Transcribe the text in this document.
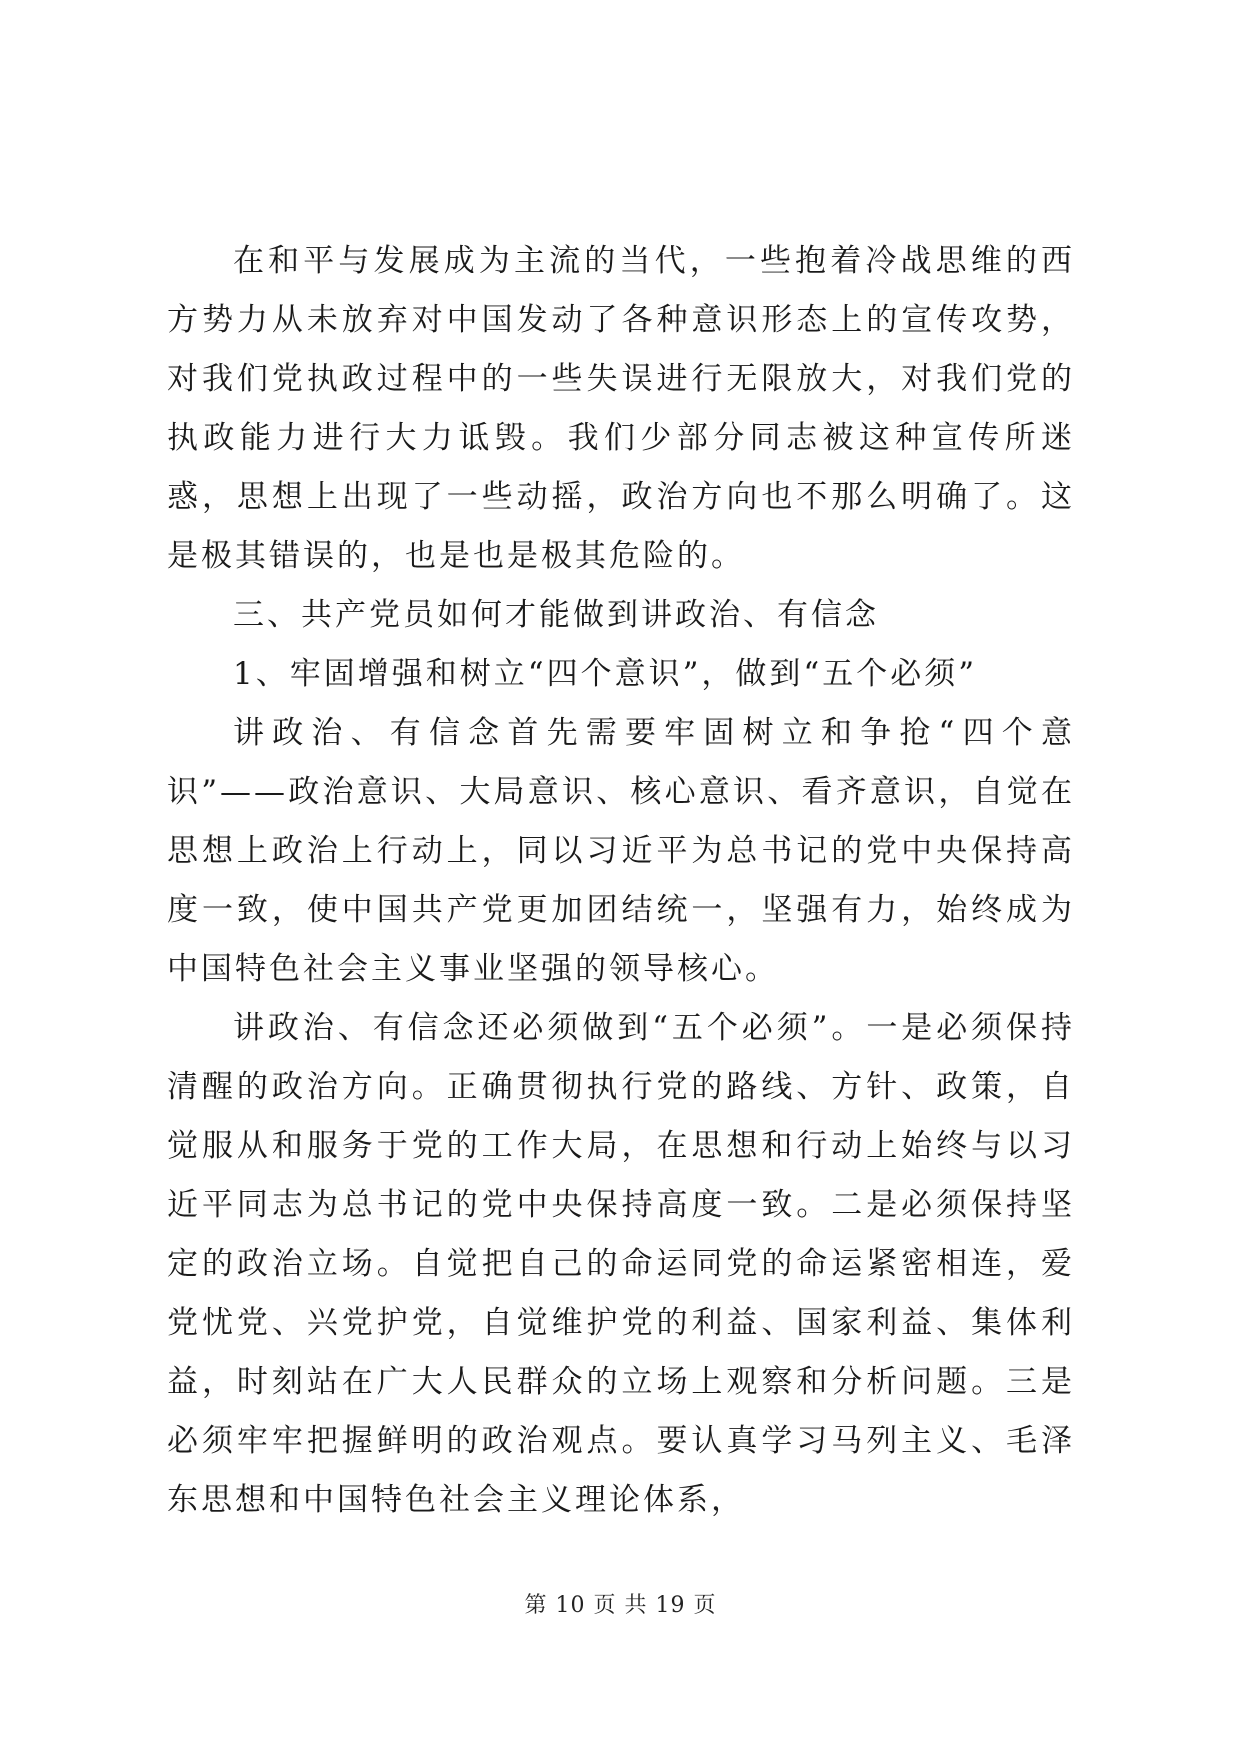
在和平与发展成为主流的当代，一些抱着冷战思维的西方势力从未放弃对中国发动了各种意识形态上的宣传攻势，对我们党执政过程中的一些失误进行无限放大，对我们党的执政能力进行大力诋毁。我们少部分同志被这种宣传所迷惑，思想上出现了一些动摇，政治方向也不那么明确了。这是极其错误的，也是也是极其危险的。

三、共产党员如何才能做到讲政治、有信念

1、牢固增强和树立“四个意识”，做到“五个必须”

讲政治、有信念首先需要牢固树立和争抢“四个意识”——政治意识、大局意识、核心意识、看齐意识，自觉在思想上政治上行动上，同以习近平为总书记的党中央保持高度一致，使中国共产党更加团结统一，坚强有力，始终成为中国特色社会主义事业坚强的领导核心。

讲政治、有信念还必须做到“五个必须”。一是必须保持清醒的政治方向。正确贯彻执行党的路线、方针、政策，自觉服从和服务于党的工作大局，在思想和行动上始终与以习近平同志为总书记的党中央保持高度一致。二是必须保持坚定的政治立场。自觉把自己的命运同党的命运紧密相连，爱党忧党、兴党护党，自觉维护党的利益、国家利益、集体利益，时刻站在广大人民群众的立场上观察和分析问题。三是必须牢牢把握鲜明的政治观点。要认真学习马列主义、毛泽东思想和中国特色社会主义理论体系，

第 10 页 共 19 页
